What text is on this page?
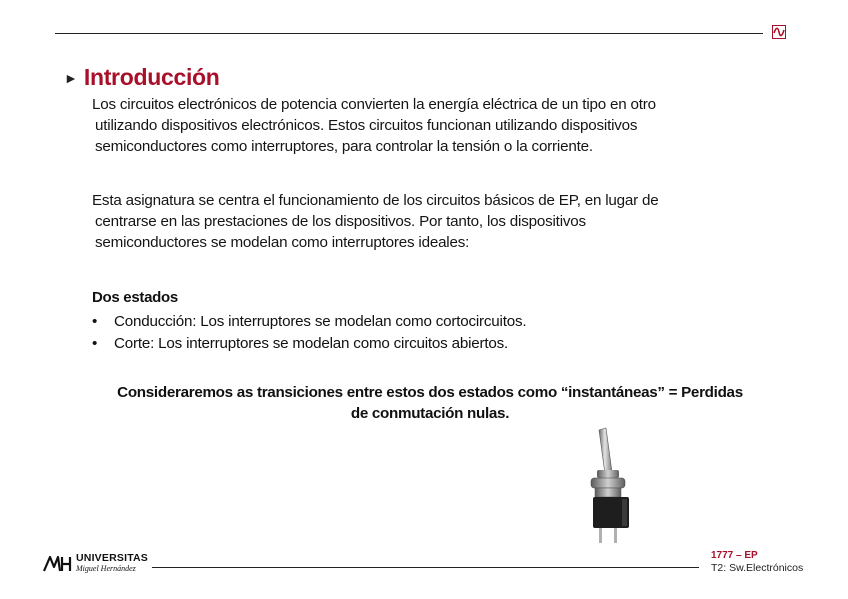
► Introducción

Los circuitos electrónicos de potencia convierten la energía eléctrica de un tipo en otro
utilizando dispositivos electrónicos. Estos circuitos funcionan utilizando dispositivos
semiconductores como interruptores, para controlar la tensión o la corriente.

Esta asignatura se centra el funcionamiento de los circuitos básicos de EP, en lugar de
centrarse en las prestaciones de los dispositivos. Por tanto, los dispositivos
semiconductores se modelan como interruptores ideales:

Dos estados

•	Conducción: Los interruptores se modelan como cortocircuitos.
•	Corte: Los interruptores se modelan como circuitos abiertos.

Consideraremos as transiciones entre estos dos estados como “instantáneas” = Perdidas
de conmutación nulas.

UNIVERSITAS
Miguel Hernández
1777 – EP
T2: Sw.Electrónicos
